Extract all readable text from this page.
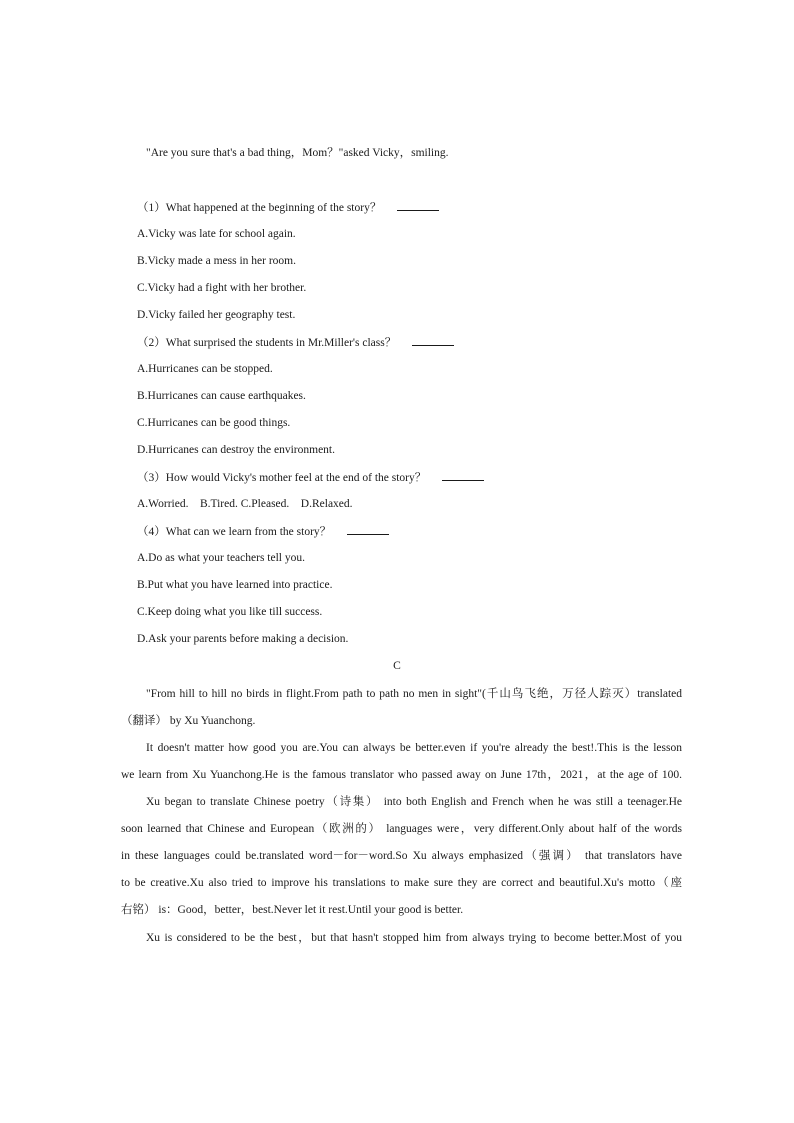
"Are you sure that's a bad thing，Mom？"asked Vicky，smiling.
（1）What happened at the beginning of the story？
A.Vicky was late for school again.
B.Vicky made a mess in her room.
C.Vicky had a fight with her brother.
D.Vicky failed her geography test.
（2）What surprised the students in Mr.Miller's class？
A.Hurricanes can be stopped.
B.Hurricanes can cause earthquakes.
C.Hurricanes can be good things.
D.Hurricanes can destroy the environment.
（3）How would Vicky's mother feel at the end of the story？
A.Worried.    B.Tired. C.Pleased.    D.Relaxed.
（4）What can we learn from the story？
A.Do as what your teachers tell you.
B.Put what you have learned into practice.
C.Keep doing what you like till success.
D.Ask your parents before making a decision.
C
"From hill to hill no birds in flight.From path to path no men in sight"(千山鸟飞绝，万径人踪灭）translated
（翻译） by Xu Yuanchong.
It doesn't matter how good you are.You can always be better.even if you're already the best!.This is the lesson
we learn from Xu Yuanchong.He is the famous translator who passed away on June 17th，2021，at the age of 100.
Xu began to translate Chinese poetry（诗集） into both English and French when he was still a teenager.He
soon learned that Chinese and European（欧洲的） languages were，very different.Only about half of the words
in these languages could be.translated word－for－word.So Xu always emphasized（强调） that translators have
to be creative.Xu also tried to improve his translations to make sure they are correct and beautiful.Xu's motto（座
右铭） is：Good，better，best.Never let it rest.Until your good is better.
Xu is considered to be the best，but that hasn't stopped him from always trying to become better.Most of you
